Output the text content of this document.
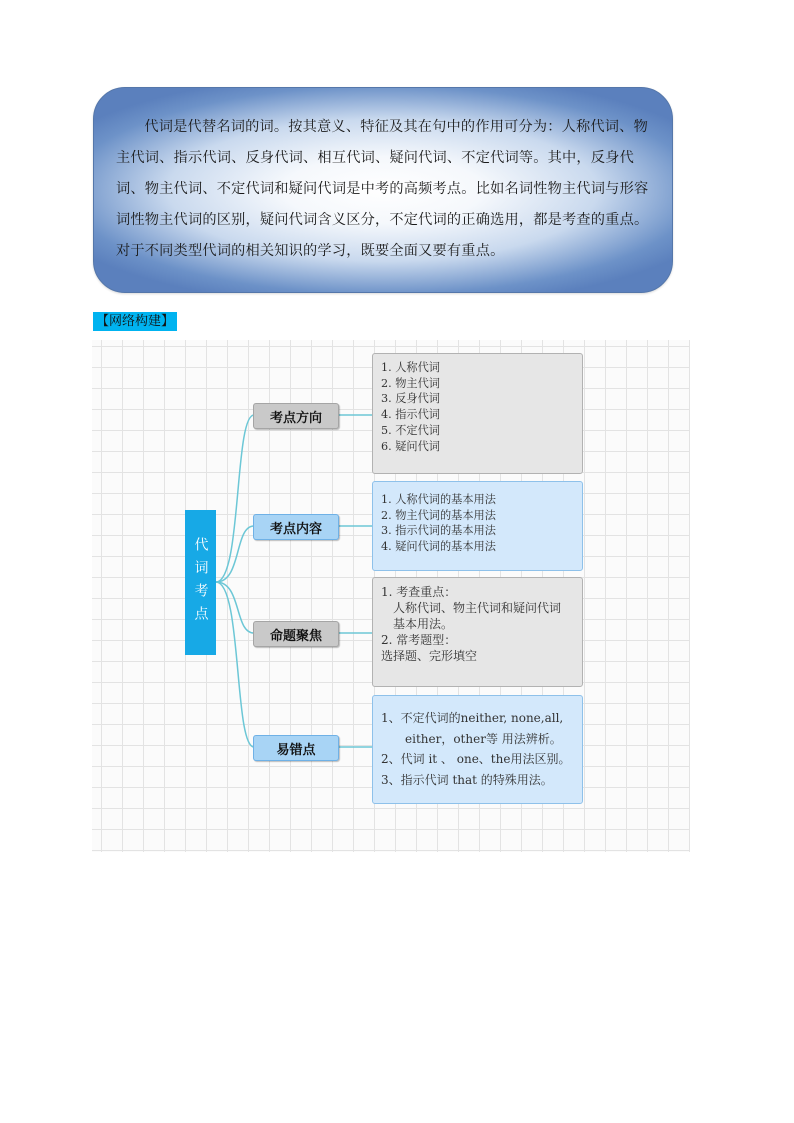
代词是代替名词的词。按其意义、特征及其在句中的作用可分为：人称代词、物主代词、指示代词、反身代词、相互代词、疑问代词、不定代词等。其中，反身代词、物主代词、不定代词和疑问代词是中考的高频考点。比如名词性物主代词与形容词性物主代词的区别，疑问代词含义区分，不定代词的正确选用，都是考查的重点。对于不同类型代词的相关知识的学习，既要全面又要有重点。

【网络构建】
代词考点
考点方向
考点内容
命题聚焦
易错点
1. 人称代词
2. 物主代词
3. 反身代词
4. 指示代词
5. 不定代词
6. 疑问代词
1. 人称代词的基本用法
2. 物主代词的基本用法
3. 指示代词的基本用法
4. 疑问代词的基本用法
1. 考查重点：
　人称代词、物主代词和疑问代词
　基本用法。
2. 常考题型：
选择题、完形填空
1、不定代词的neither, none,all,
　　either，other等 用法辨析。
2、代词 it 、 one、the用法区别。
3、指示代词 that 的特殊用法。
